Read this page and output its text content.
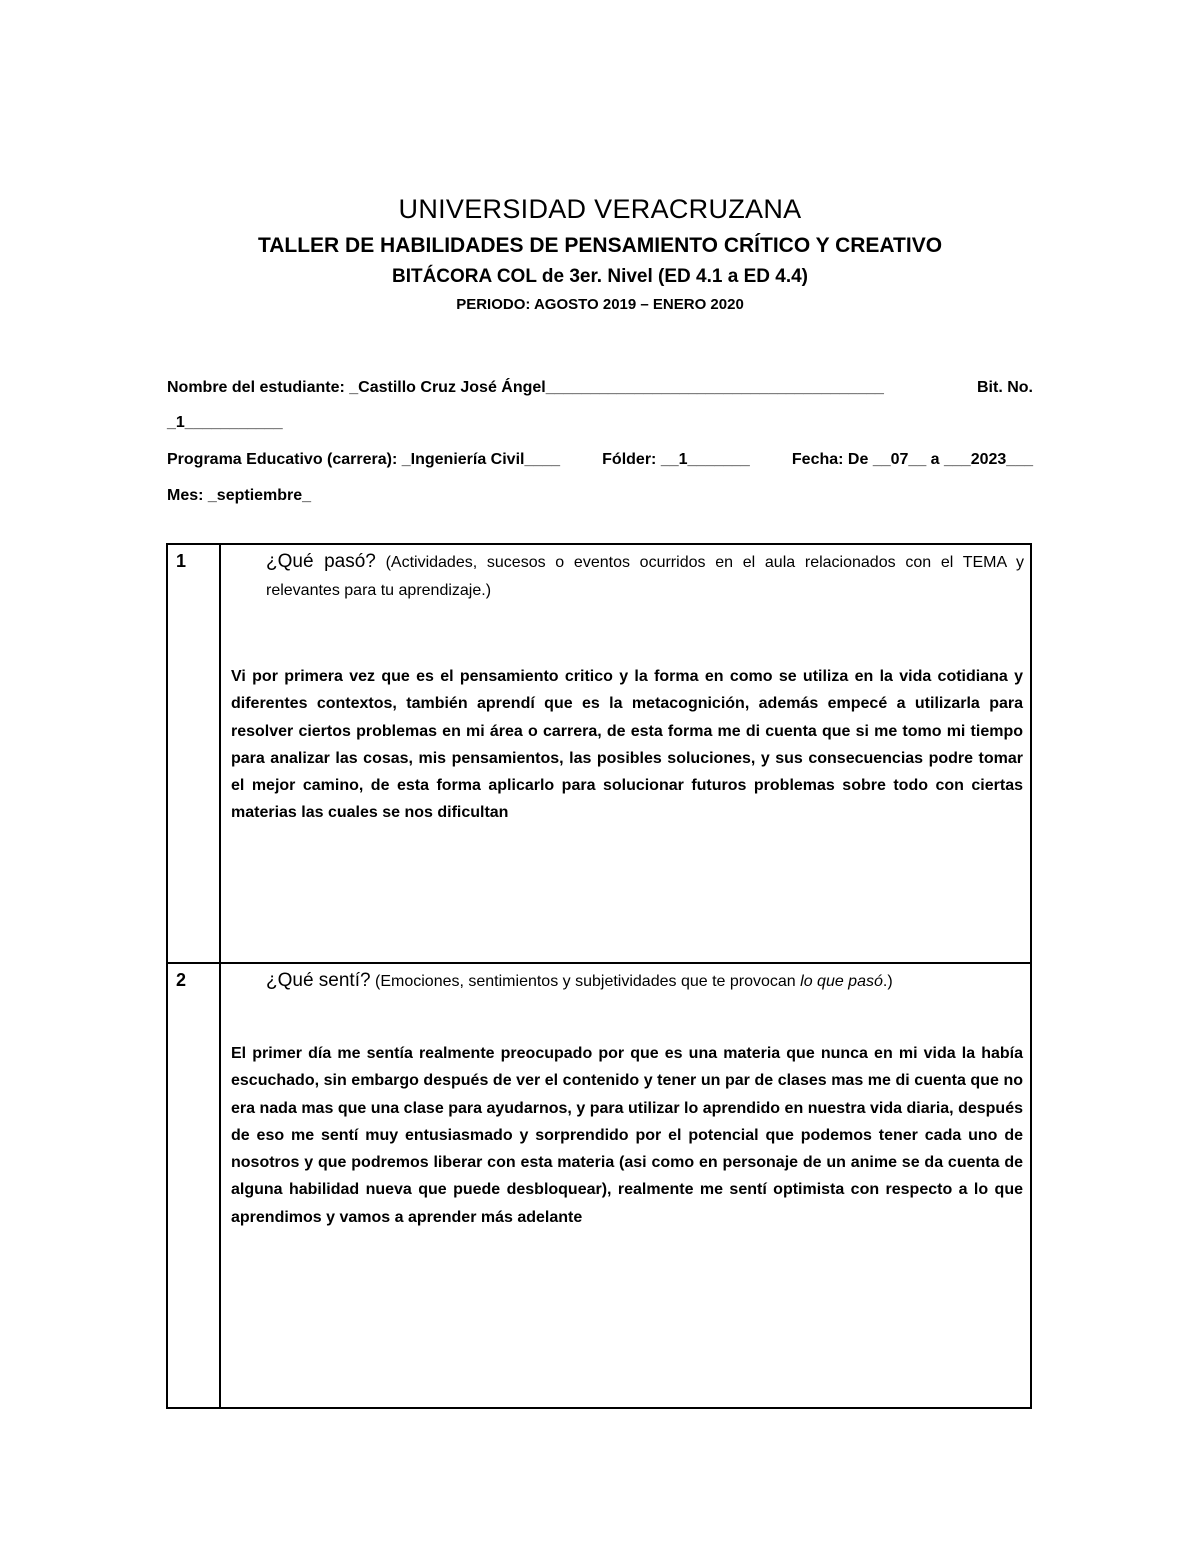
UNIVERSIDAD VERACRUZANA
TALLER DE HABILIDADES DE PENSAMIENTO CRÍTICO Y CREATIVO
BITÁCORA COL de 3er. Nivel (ED 4.1 a ED 4.4)
PERIODO: AGOSTO 2019 – ENERO 2020
Nombre del estudiante: _Castillo Cruz José Ángel______________________________________	Bit. No.
_1___________
Programa Educativo (carrera): _Ingeniería Civil____	Fólder: __1_______	Fecha: De __07__ a ___2023___
Mes: _septiembre_
1	¿Qué pasó? (Actividades, sucesos o eventos ocurridos en el aula relacionados con el TEMA y relevantes para tu aprendizaje.)
Vi por primera vez que es el pensamiento critico y la forma en como se utiliza en la vida cotidiana y diferentes contextos, también aprendí que es la metacognición, además empecé a utilizarla para resolver ciertos problemas en mi área o carrera, de esta forma me di cuenta que si me tomo mi tiempo para analizar las cosas, mis pensamientos, las posibles soluciones, y sus consecuencias podre tomar el mejor camino, de esta forma aplicarlo para solucionar futuros problemas sobre todo con ciertas materias las cuales se nos dificultan
2	¿Qué sentí? (Emociones, sentimientos y subjetividades que te provocan lo que pasó.)
El primer día me sentía realmente preocupado por que es una materia que nunca en mi vida la había escuchado, sin embargo después de ver el contenido y tener un par de clases mas me di cuenta que no era nada mas que una clase para ayudarnos, y para utilizar lo aprendido en nuestra vida diaria, después de eso me sentí muy entusiasmado y sorprendido por el potencial que podemos tener cada uno de nosotros y que podremos liberar con esta materia (asi como en personaje de un anime se da cuenta de alguna habilidad nueva que puede desbloquear), realmente me sentí optimista con respecto a lo que aprendimos y vamos a aprender más adelante
